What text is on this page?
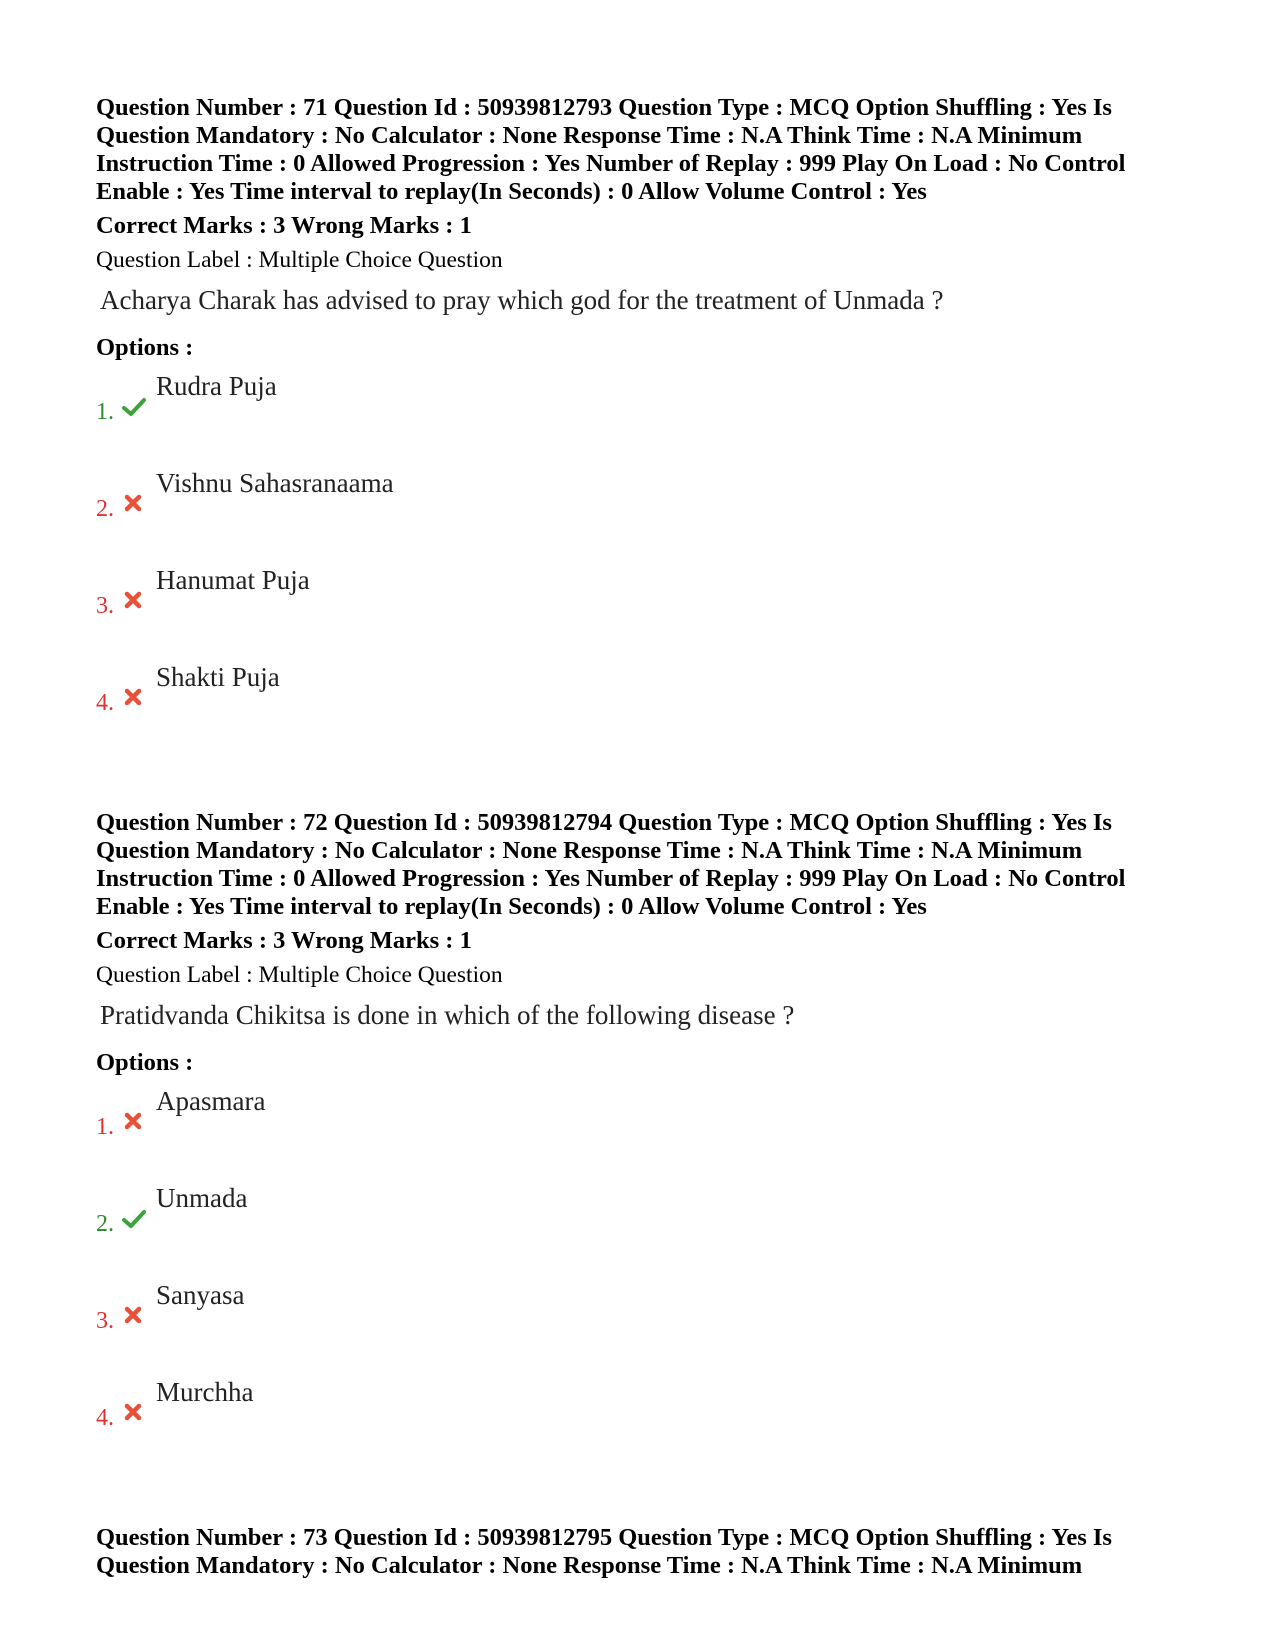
Question Number : 71 Question Id : 50939812793 Question Type : MCQ Option Shuffling : Yes Is Question Mandatory : No Calculator : None Response Time : N.A Think Time : N.A Minimum Instruction Time : 0 Allowed Progression : Yes Number of Replay : 999 Play On Load : No Control Enable : Yes Time interval to replay(In Seconds) : 0 Allow Volume Control : Yes

Correct Marks : 3 Wrong Marks : 1
Question Label : Multiple Choice Question
Acharya Charak has advised to pray which god for the treatment of Unmada ?
Options :
1.
Rudra Puja
2.
Vishnu Sahasranaama
3.
Hanumat Puja
4.
Shakti Puja

Question Number : 72 Question Id : 50939812794 Question Type : MCQ Option Shuffling : Yes Is Question Mandatory : No Calculator : None Response Time : N.A Think Time : N.A Minimum Instruction Time : 0 Allowed Progression : Yes Number of Replay : 999 Play On Load : No Control Enable : Yes Time interval to replay(In Seconds) : 0 Allow Volume Control : Yes

Correct Marks : 3 Wrong Marks : 1
Question Label : Multiple Choice Question
Pratidvanda Chikitsa is done in which of the following disease ?
Options :
1.
Apasmara
2.
Unmada
3.
Sanyasa
4.
Murchha

Question Number : 73 Question Id : 50939812795 Question Type : MCQ Option Shuffling : Yes Is Question Mandatory : No Calculator : None Response Time : N.A Think Time : N.A Minimum
